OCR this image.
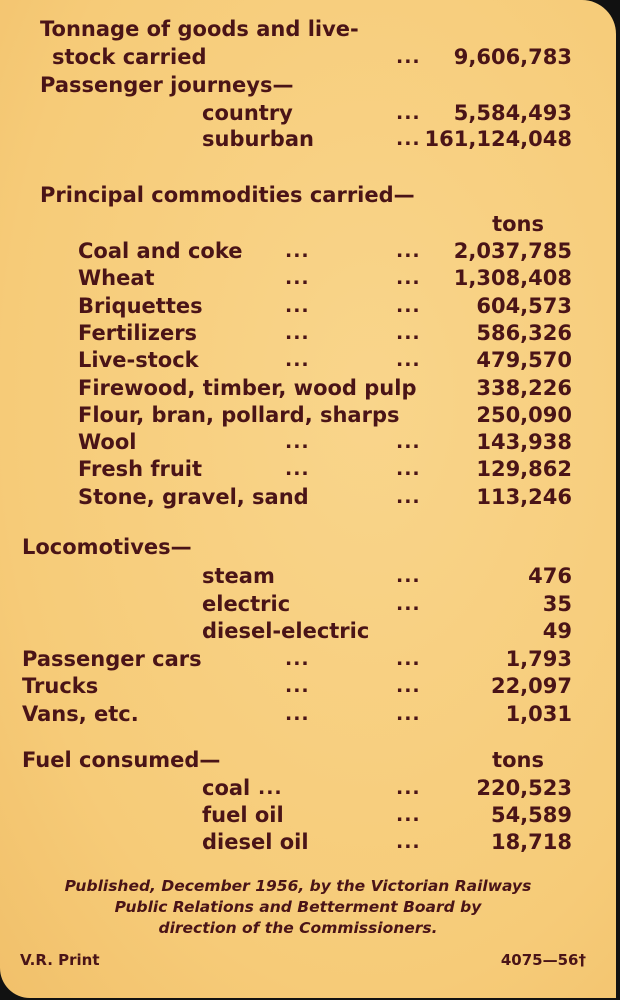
Tonnage of goods and live-
stock carried	... 9,606,783
Passenger journeys—
country	... 5,584,493
suburban	... 161,124,048
Principal commodities carried—
tons
Coal and coke ...	... 2,037,785
Wheat	...	... 1,308,408
Briquettes	...	...	604,573
Fertilizers	...	...	586,326
Live-stock	...	...	479,570
Firewood, timber, wood pulp	338,226
Flour, bran, pollard, sharps	250,090
Wool	...	...	143,938
Fresh fruit	...	...	129,862
Stone, gravel, sand	...	113,246
Locomotives—
steam	...	476
electric	...	35
diesel-electric	49
Passenger cars	...	...	1,793
Trucks	...	...	22,097
Vans, etc.	...	...	1,031
Fuel consumed—	tons
coal ...	...	220,523
fuel oil	...	54,589
diesel oil	...	18,718
Published, December 1956, by the Victorian Railways
Public Relations and Betterment Board by
direction of the Commissioners.
V.R. Print	4075—56†
